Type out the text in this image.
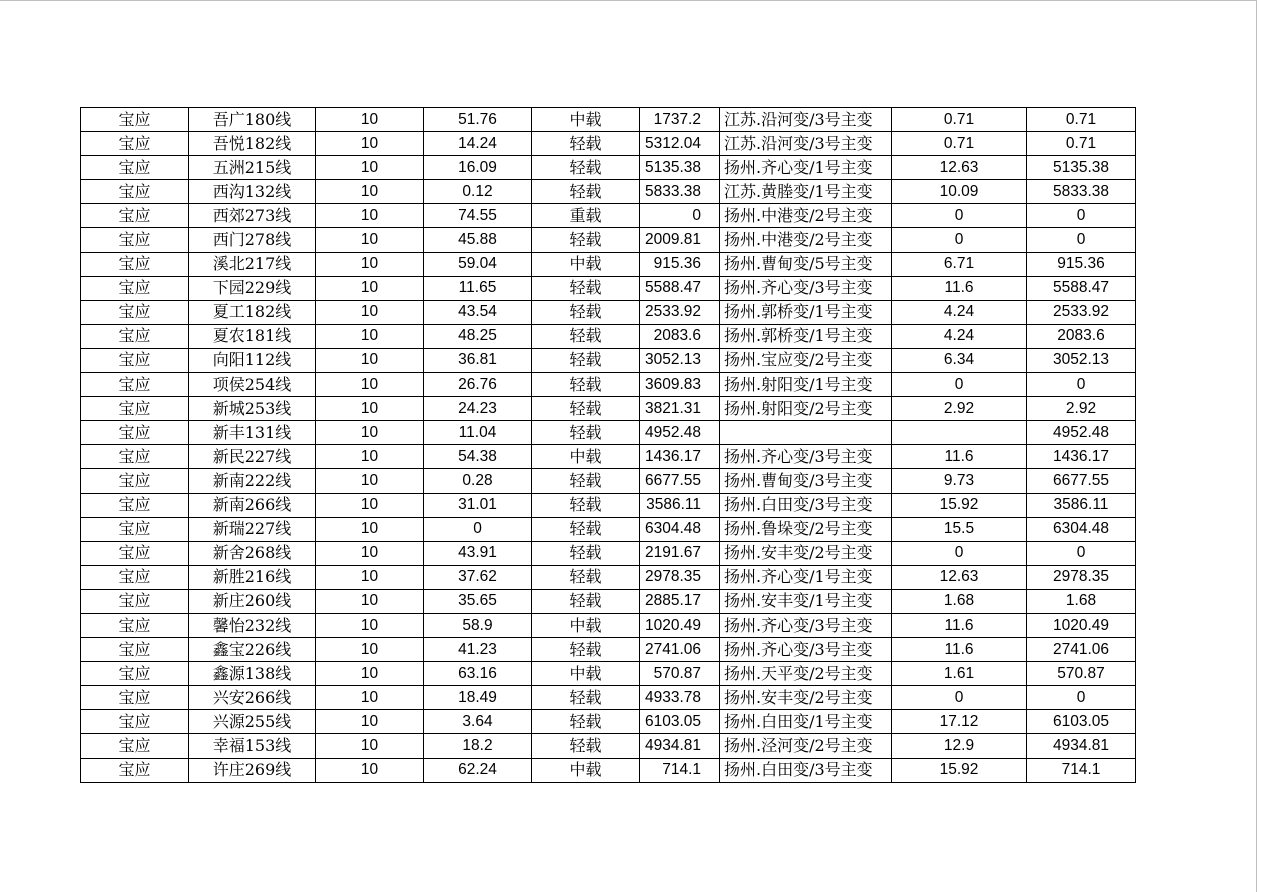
宝应	吾广180线	10	51.76	中载	1737.2	江苏.沿河变/3号主变	0.71	0.71
宝应	吾悦182线	10	14.24	轻载	5312.04	江苏.沿河变/3号主变	0.71	0.71
宝应	五洲215线	10	16.09	轻载	5135.38	扬州.齐心变/1号主变	12.63	5135.38
宝应	西沟132线	10	0.12	轻载	5833.38	江苏.黄塍变/1号主变	10.09	5833.38
宝应	西郊273线	10	74.55	重载	0	扬州.中港变/2号主变	0	0
宝应	西门278线	10	45.88	轻载	2009.81	扬州.中港变/2号主变	0	0
宝应	溪北217线	10	59.04	中载	915.36	扬州.曹甸变/5号主变	6.71	915.36
宝应	下园229线	10	11.65	轻载	5588.47	扬州.齐心变/3号主变	11.6	5588.47
宝应	夏工182线	10	43.54	轻载	2533.92	扬州.郭桥变/1号主变	4.24	2533.92
宝应	夏农181线	10	48.25	轻载	2083.6	扬州.郭桥变/1号主变	4.24	2083.6
宝应	向阳112线	10	36.81	轻载	3052.13	扬州.宝应变/2号主变	6.34	3052.13
宝应	项侯254线	10	26.76	轻载	3609.83	扬州.射阳变/1号主变	0	0
宝应	新城253线	10	24.23	轻载	3821.31	扬州.射阳变/2号主变	2.92	2.92
宝应	新丰131线	10	11.04	轻载	4952.48			4952.48
宝应	新民227线	10	54.38	中载	1436.17	扬州.齐心变/3号主变	11.6	1436.17
宝应	新南222线	10	0.28	轻载	6677.55	扬州.曹甸变/3号主变	9.73	6677.55
宝应	新南266线	10	31.01	轻载	3586.11	扬州.白田变/3号主变	15.92	3586.11
宝应	新瑞227线	10	0	轻载	6304.48	扬州.鲁垛变/2号主变	15.5	6304.48
宝应	新舍268线	10	43.91	轻载	2191.67	扬州.安丰变/2号主变	0	0
宝应	新胜216线	10	37.62	轻载	2978.35	扬州.齐心变/1号主变	12.63	2978.35
宝应	新庄260线	10	35.65	轻载	2885.17	扬州.安丰变/1号主变	1.68	1.68
宝应	馨怡232线	10	58.9	中载	1020.49	扬州.齐心变/3号主变	11.6	1020.49
宝应	鑫宝226线	10	41.23	轻载	2741.06	扬州.齐心变/3号主变	11.6	2741.06
宝应	鑫源138线	10	63.16	中载	570.87	扬州.天平变/2号主变	1.61	570.87
宝应	兴安266线	10	18.49	轻载	4933.78	扬州.安丰变/2号主变	0	0
宝应	兴源255线	10	3.64	轻载	6103.05	扬州.白田变/1号主变	17.12	6103.05
宝应	幸福153线	10	18.2	轻载	4934.81	扬州.泾河变/2号主变	12.9	4934.81
宝应	许庄269线	10	62.24	中载	714.1	扬州.白田变/3号主变	15.92	714.1
